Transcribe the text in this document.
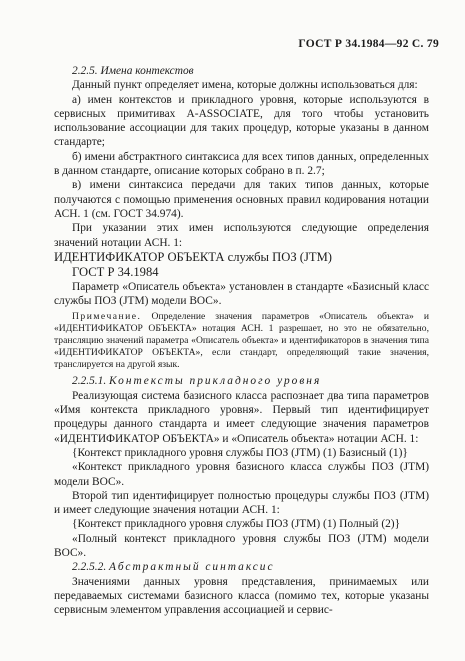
ГОСТ Р 34.1984—92 С. 79

2.2.5. Имена контекстов

Данный пункт определяет имена, которые должны использоваться для:

а) имен контекстов и прикладного уровня, которые используются в сервисных примитивах A-ASSOCIATE, для того чтобы установить использование ассоциации для таких процедур, которые указаны в данном стандарте;

б) имени абстрактного синтаксиса для всех типов данных, определенных в данном стандарте, описание которых собрано в п. 2.7;

в) имени синтаксиса передачи для таких типов данных, которые получаются с помощью применения основных правил кодирования нотации АСН. 1 (см. ГОСТ 34.974).

При указании этих имен используются следующие определения значений нотации АСН. 1:

ИДЕНТИФИКАТОР ОБЪЕКТА службы ПОЗ (JTM)

ГОСТ Р 34.1984

Параметр «Описатель объекта» установлен в стандарте «Базисный класс службы ПОЗ (JTM) модели ВОС».

Примечание. Определение значения параметров «Описатель объекта» и «ИДЕНТИФИКАТОР ОБЪЕКТА» нотация АСН. 1 разрешает, но это не обязательно, трансляцию значений параметра «Описатель объекта» и идентификаторов в значения типа «ИДЕНТИФИКАТОР ОБЪЕКТА», если стандарт, определяющий такие значения, транслируется на другой язык.

2.2.5.1. Контексты прикладного уровня

Реализующая система базисного класса распознает два типа параметров «Имя контекста прикладного уровня». Первый тип идентифицирует процедуры данного стандарта и имеет следующие значения параметров «ИДЕНТИФИКАТОР ОБЪЕКТА» и «Описатель объекта» нотации АСН. 1:

{Контекст прикладного уровня службы ПОЗ (JTM) (1) Базисный (1)}

«Контекст прикладного уровня базисного класса службы ПОЗ (JTM) модели ВОС».

Второй тип идентифицирует полностью процедуры службы ПОЗ (JTM) и имеет следующие значения нотации АСН. 1:

{Контекст прикладного уровня службы ПОЗ (JTM) (1) Полный (2)}

«Полный контекст прикладного уровня службы ПОЗ (JTM) модели ВОС».

2.2.5.2. Абстрактный синтаксис

Значениями данных уровня представления, принимаемых или передаваемых системами базисного класса (помимо тех, которые указаны сервисным элементом управления ассоциацией и сервис-
